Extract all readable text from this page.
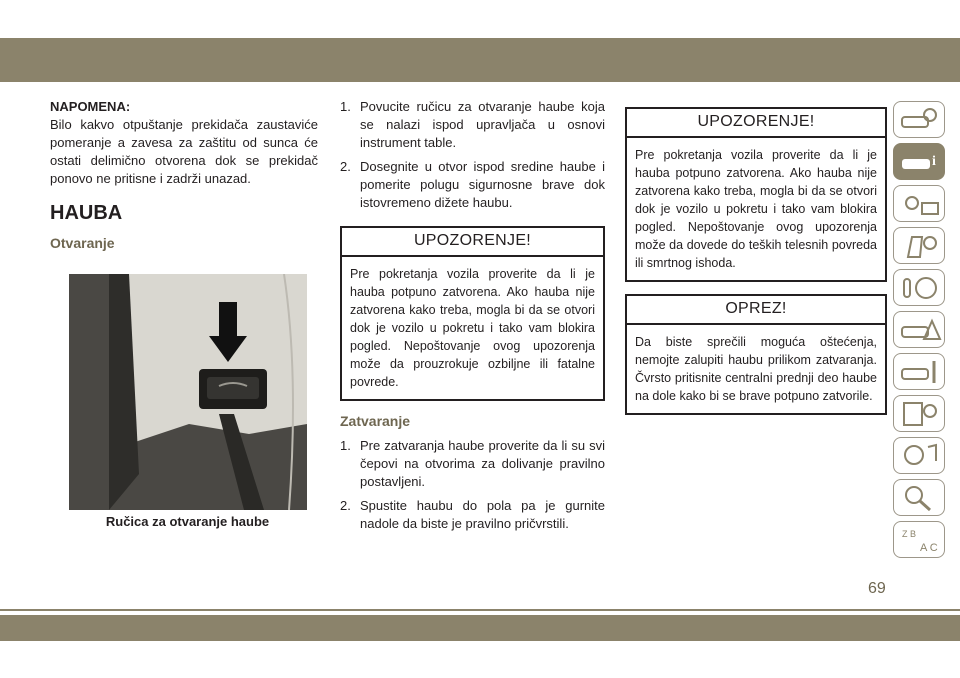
NAPOMENA:
Bilo kakvo otpuštanje prekidača zaustaviće pomeranje a zavesa za zaštitu od sunca će ostati delimično otvorena dok se prekidač ponovo ne pritisne i zadrži unazad.
HAUBA
Otvaranje
Ručica za otvaranje haube
1. Povucite ručicu za otvaranje haube koja se nalazi ispod upravljača u osnovi instrument table.
2. Dosegnite u otvor ispod sredine haube i pomerite polugu sigurnosne brave dok istovremeno dižete haubu.
UPOZORENJE!
Pre pokretanja vozila proverite da li je hauba potpuno zatvorena. Ako hauba nije zatvorena kako treba, mogla bi da se otvori dok je vozilo u pokretu i tako vam blokira pogled. Nepoštovanje ovog upozorenja može da prouzrokuje ozbiljne ili fatalne povrede.
Zatvaranje
1. Pre zatvaranja haube proverite da li su svi čepovi na otvorima za dolivanje pravilno postavljeni.
2. Spustite haubu do pola pa je gurnite nadole da biste je pravilno pričvrstili.
UPOZORENJE!
Pre pokretanja vozila proverite da li je hauba potpuno zatvorena. Ako hauba nije zatvorena kako treba, mogla bi da se otvori dok je vozilo u pokretu i tako vam blokira pogled. Nepoštovanje ovog upozorenja može da dovede do teških telesnih povreda ili smrtnog ishoda.
OPREZ!
Da biste sprečili moguća oštećenja, nemojte zalupiti haubu prilikom zatvaranja. Čvrsto pritisnite centralni prednji deo haube na dole kako bi se brave potpuno zatvorile.
i
Z B
A C
69
